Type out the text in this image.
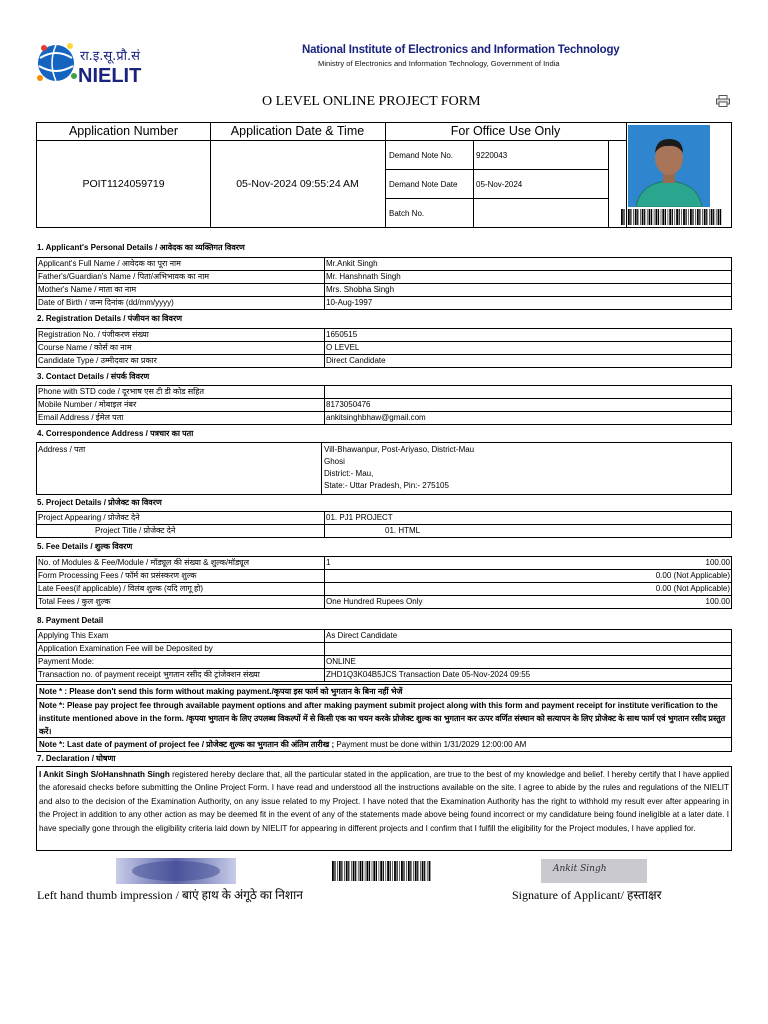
रा.इ.सू.प्रौ.सं
NIELIT
National Institute of Electronics and Information Technology
Ministry of Electronics and Information Technology, Government of India
O LEVEL ONLINE PROJECT FORM
Application Number	Application Date & Time	For Office Use Only
POIT1124059719	05-Nov-2024 09:55:24 AM
Demand Note No.	9220043
Demand Note Date 05-Nov-2024
Batch No.
1. Applicant's Personal Details / आवेदक का व्यक्तिगत विवरण
Applicant's Full Name / आवेदक का पूरा नाम	Mr.Ankit Singh
Father's/Guardian's Name / पिता/अभिभावक का नाम	Mr. Hanshnath Singh
Mother's Name / माता का नाम	Mrs. Shobha Singh
Date of Birth / जन्म दिनांक (dd/mm/yyyy)	10-Aug-1997
2. Registration Details / पंजीयन का विवरण
Registration No. / पंजीकरण संख्या	1650515
Course Name / कोर्स का नाम	O LEVEL
Candidate Type / उम्मीदवार का प्रकार	Direct Candidate
3. Contact Details / संपर्क विवरण
Phone with STD code / दूरभाष एस टी डी कोड सहित	
Mobile Number / मोबाइल नंबर	8173050476
Email Address / ईमेल पता	ankitsinghbhaw@gmail.com
4. Correspondence Address / पत्रचार का पता
Address / पता	Vill-Bhawanpur, Post-Ariyaso, District-Mau
Ghosi
District:- Mau,
State:- Uttar Pradesh, Pin:- 275105
5. Project Details / प्रोजेक्ट का विवरण
Project Appearing / प्रोजेक्ट देने	01. PJ1 PROJECT
Project Title / प्रोजेक्ट देने	01. HTML
5. Fee Details / शुल्क विवरण
No. of Modules & Fee/Module / मॉड्यूल की संख्या & शुल्क/मॉड्यूल	1	100.00
Form Processing Fees / फॉर्म का प्रसंस्करण शुल्क		0.00 (Not Applicable)
Late Fees(if applicable) / विलंब शुल्क (यदि लागू हो)		0.00 (Not Applicable)
Total Fees / कुल शुल्क	One Hundred Rupees Only	100.00
8. Payment Detail
Applying This Exam	As Direct Candidate
Application Examination Fee will be Deposited by	
Payment Mode:	ONLINE
Transaction no. of payment receipt भुगतान रसीद की ट्रांजेक्शन संख्या	ZHD1Q3K04B5JCS Transaction Date 05-Nov-2024 09:55
Note * : Please don't send this form without making payment./कृपया इस फार्म को भुगतान के बिना नहीं भेजें
Note *: Please pay project fee through available payment options and after making payment submit project along with this form and payment receipt for institute verification to the institute mentioned above in the form. /कृपया भुगतान के लिए उपलब्ध विकल्पों में से किसी एक का चयन करके प्रोजेक्ट शुल्क का भुगतान कर ऊपर वर्णित संस्थान को सत्यापन के लिए प्रोजेक्ट के साथ फार्म एवं भुगतान रसीद प्रस्तुत करें।
Note *: Last date of payment of project fee / प्रोजेक्ट शुल्क का भुगतान की अंतिम तारीख ; Payment must be done within 1/31/2029 12:00:00 AM
7. Declaration / घोषणा
I Ankit Singh S/oHanshnath Singh registered hereby declare that, all the particular stated in the application, are true to the best of my knowledge and belief. I hereby certify that I have applied the aforesaid checks before submitting the Online Project Form. I have read and understood all the instructions available on the site. I agree to abide by the rules and regulations of the NIELIT and also to the decision of the Examination Authority, on any issue related to my Project. I have noted that the Examination Authority has the right to withhold my result ever after appearing in the Project in addition to any other action as may be deemed fit in the event of any of the statements made above being found incorrect or my candidature being found ineligible at a later date. I have specially gone through the eligibility criteria laid down by NIELIT for appearing in different projects and I confirm that I fulfill the eligibility for the Project modules, I have applied for.
Ankit Singh
Left hand thumb impression / बाएं हाथ के अंगूठे का निशान	Signature of Applicant/ हस्ताक्षर
